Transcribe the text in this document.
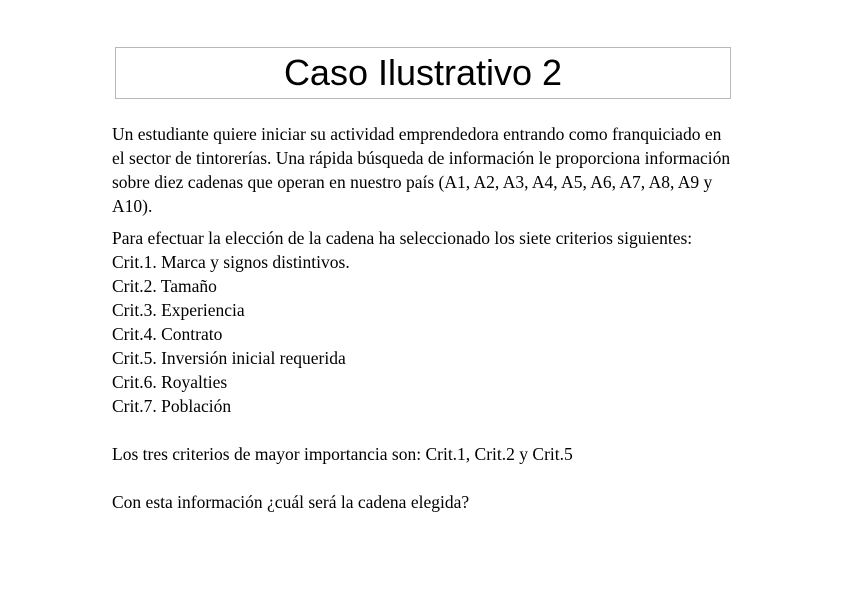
Caso Ilustrativo 2

Un estudiante quiere iniciar su actividad emprendedora entrando como franquiciado en el sector de tintorerías. Una rápida búsqueda de información le proporciona información sobre diez cadenas que operan en nuestro país (A1, A2, A3, A4, A5, A6, A7, A8, A9 y A10).

Para efectuar la elección de la cadena ha seleccionado los siete criterios siguientes:

Crit.1. Marca y signos distintivos.
Crit.2. Tamaño
Crit.3. Experiencia
Crit.4. Contrato
Crit.5. Inversión inicial requerida
Crit.6. Royalties
Crit.7. Población

Los tres criterios de mayor importancia son: Crit.1, Crit.2 y Crit.5

Con esta información ¿cuál será la cadena elegida?
